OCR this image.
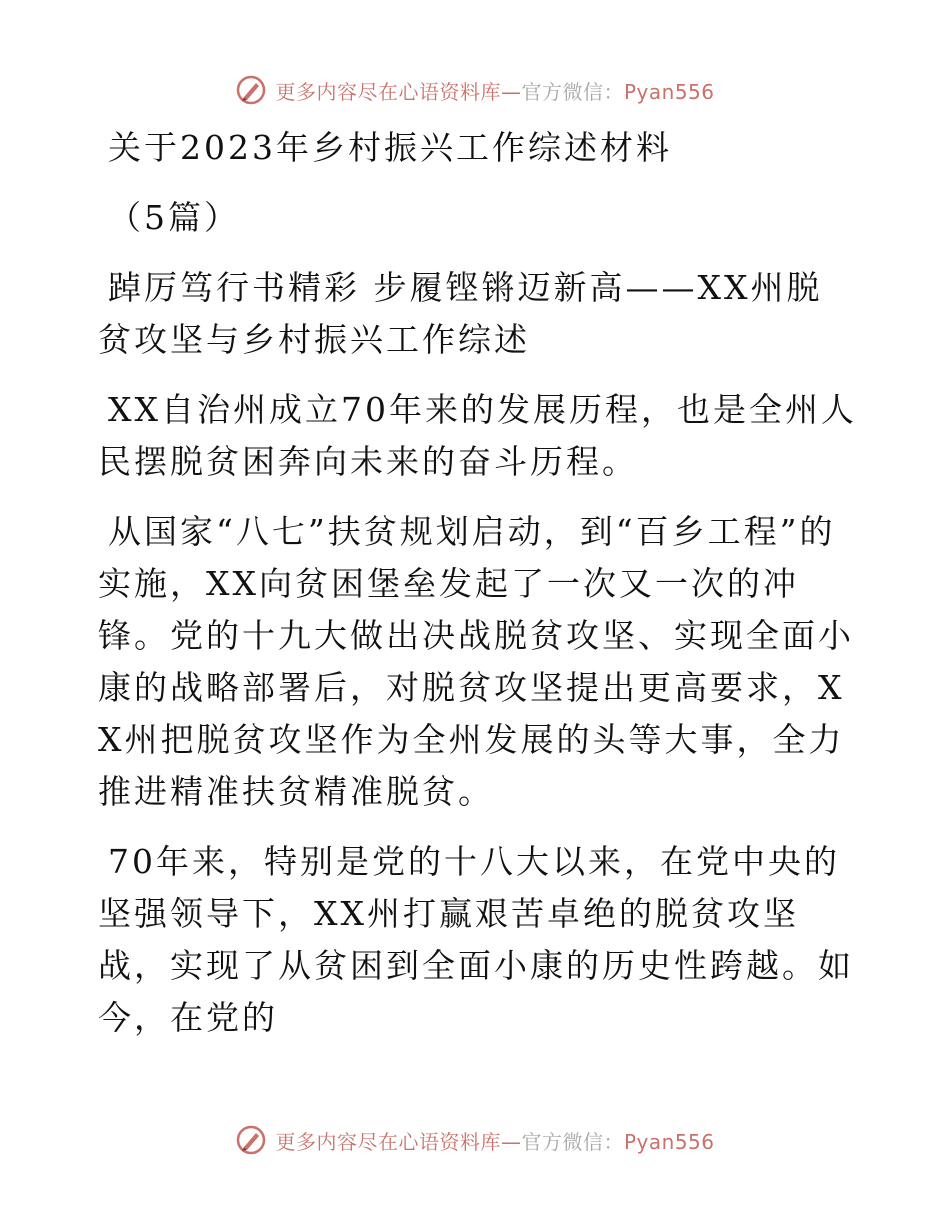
更多内容尽在心语资料库—官方微信：Pyan556

关于2023年乡村振兴工作综述材料

（5篇）

踔厉笃行书精彩 步履铿锵迈新高——XX州脱贫攻坚与乡村振兴工作综述

XX自治州成立70年来的发展历程，也是全州人民摆脱贫困奔向未来的奋斗历程。

从国家“八七”扶贫规划启动，到“百乡工程”的实施，XX向贫困堡垒发起了一次又一次的冲锋。党的十九大做出决战脱贫攻坚、实现全面小康的战略部署后，对脱贫攻坚提出更高要求，XX州把脱贫攻坚作为全州发展的头等大事，全力推进精准扶贫精准脱贫。

70年来，特别是党的十八大以来，在党中央的坚强领导下，XX州打赢艰苦卓绝的脱贫攻坚战，实现了从贫困到全面小康的历史性跨越。如今，在党的

更多内容尽在心语资料库—官方微信：Pyan556
